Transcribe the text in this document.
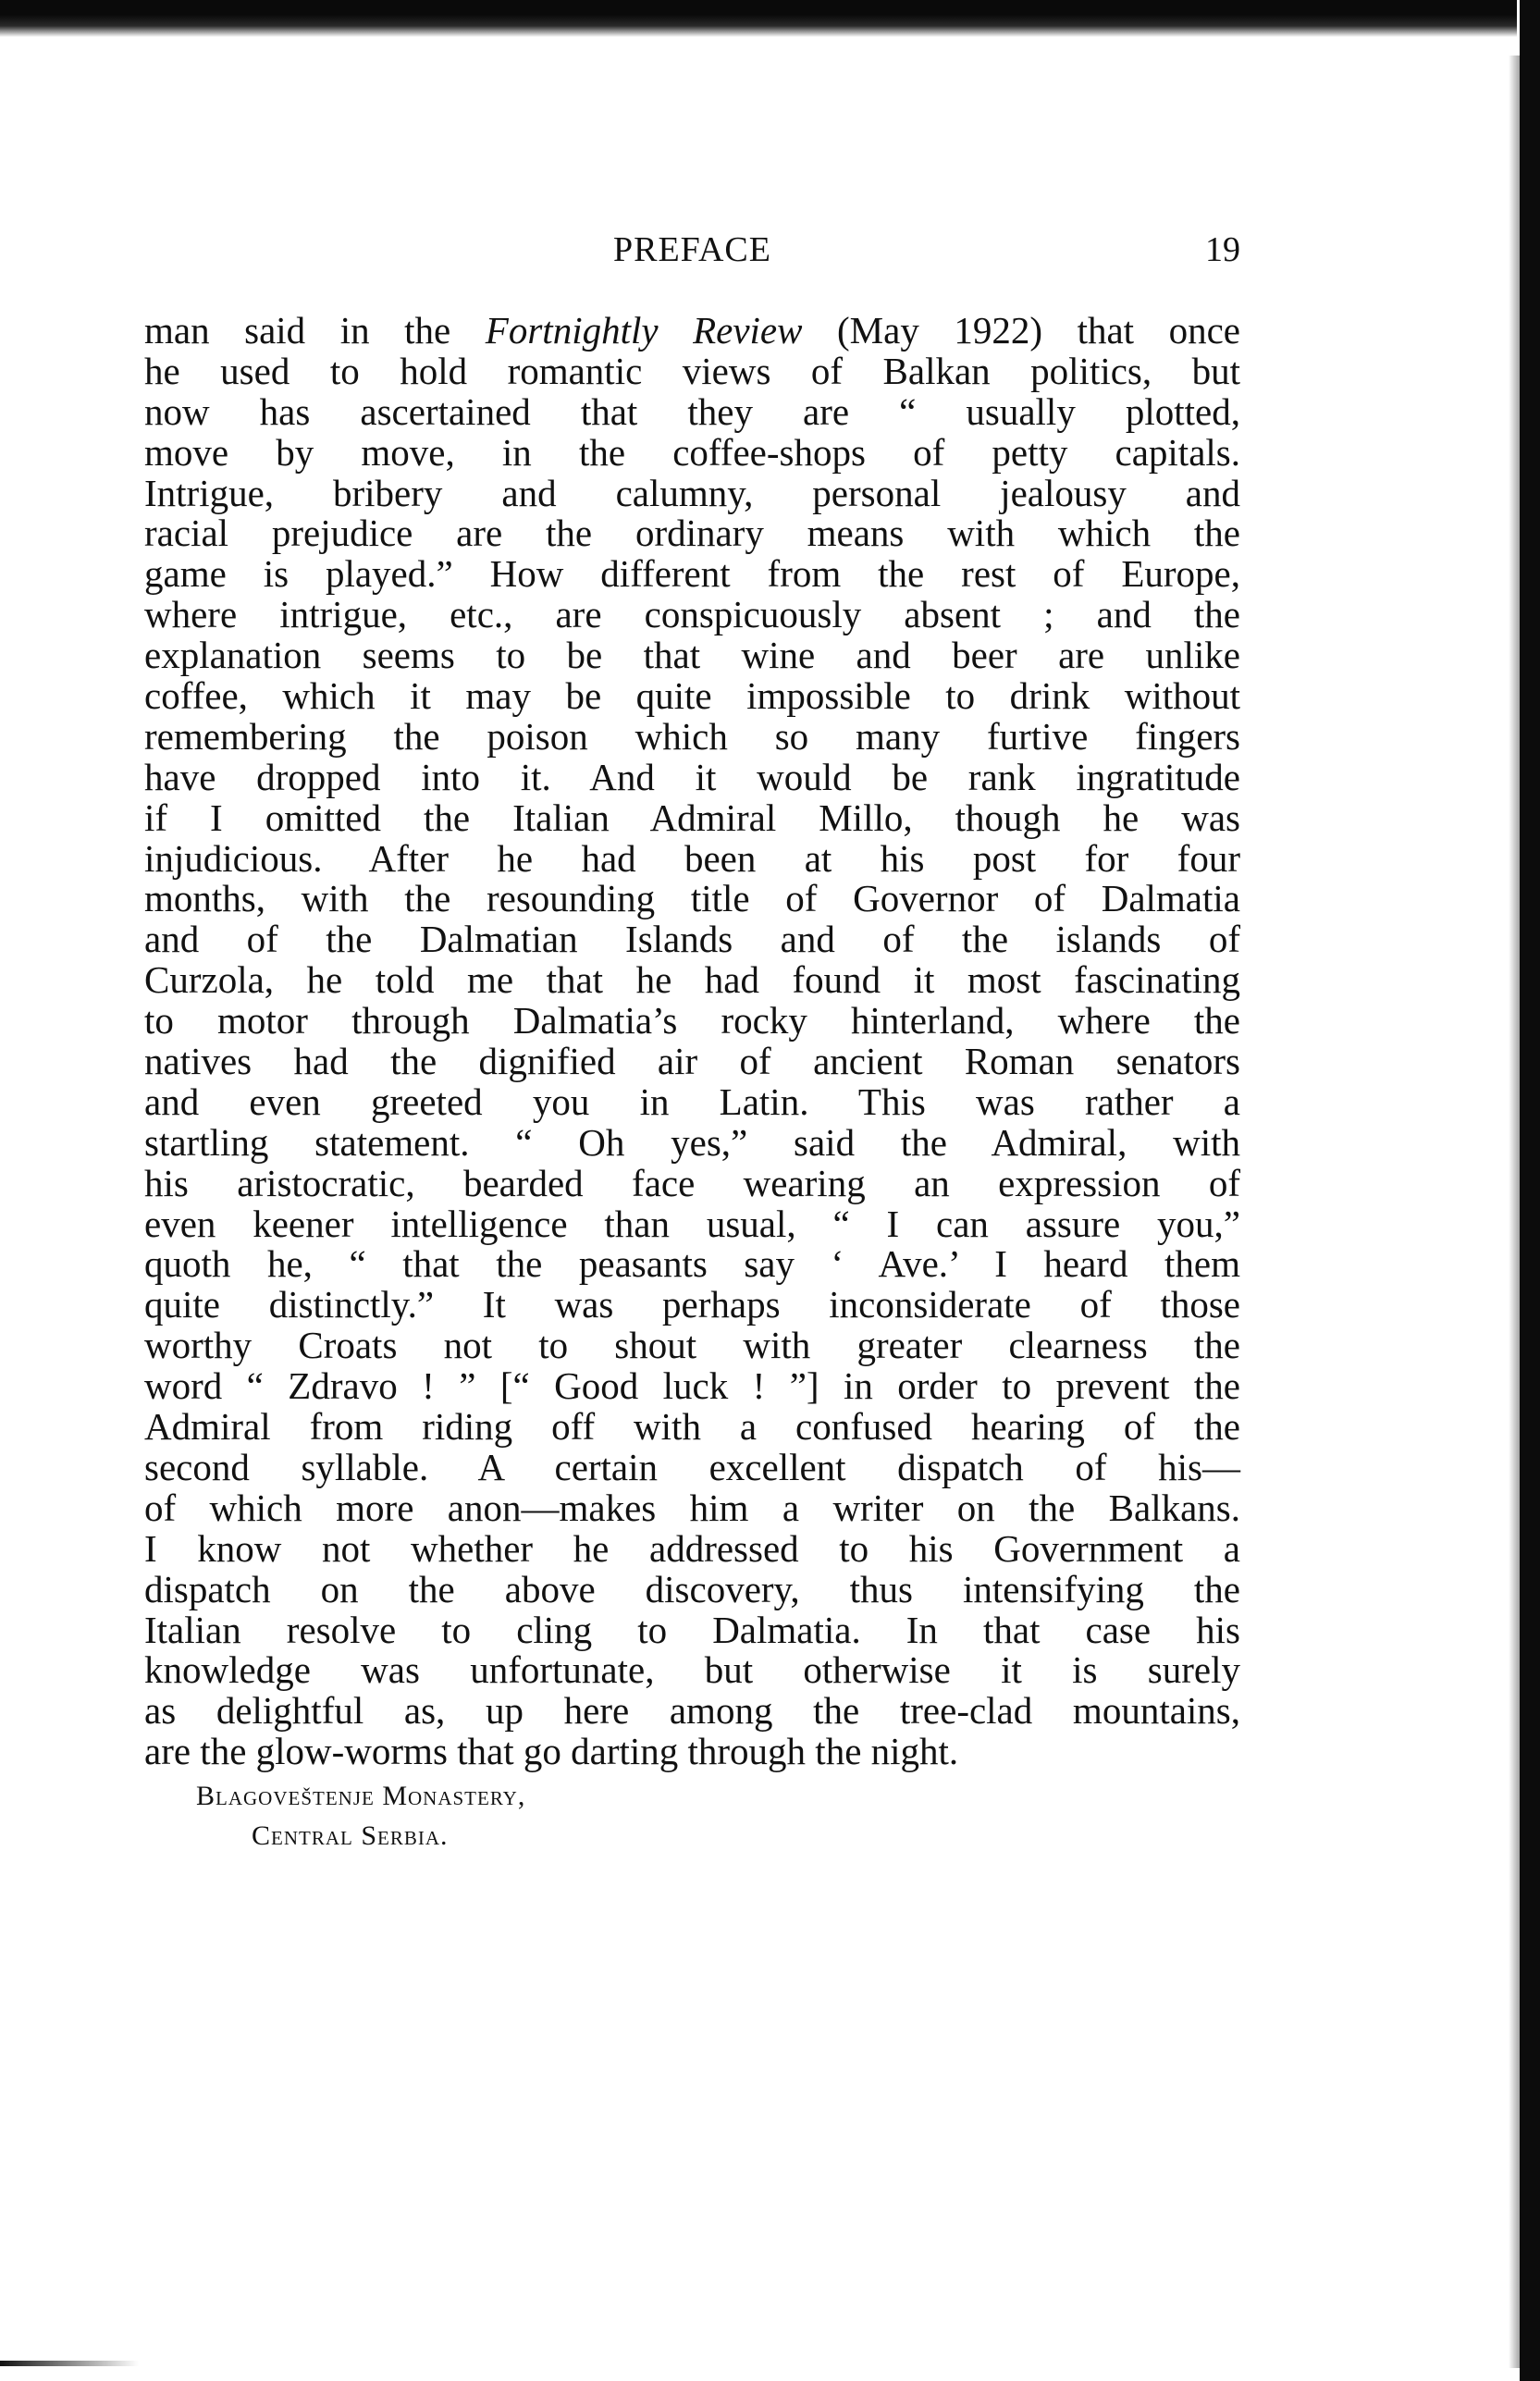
PREFACE	19
man said in the Fortnightly Review (May 1922) that once
he used to hold romantic views of Balkan politics, but
now has ascertained that they are “ usually plotted,
move by move, in the coffee-shops of petty capitals.
Intrigue, bribery and calumny, personal jealousy and
racial prejudice are the ordinary means with which the
game is played.” How different from the rest of Europe,
where intrigue, etc., are conspicuously absent ; and the
explanation seems to be that wine and beer are unlike
coffee, which it may be quite impossible to drink without
remembering the poison which so many furtive fingers
have dropped into it. And it would be rank ingratitude
if I omitted the Italian Admiral Millo, though he was
injudicious. After he had been at his post for four
months, with the resounding title of Governor of Dalmatia
and of the Dalmatian Islands and of the islands of
Curzola, he told me that he had found it most fascinating
to motor through Dalmatia’s rocky hinterland, where the
natives had the dignified air of ancient Roman senators
and even greeted you in Latin. This was rather a
startling statement. “ Oh yes,” said the Admiral, with
his aristocratic, bearded face wearing an expression of
even keener intelligence than usual, “ I can assure you,”
quoth he, “ that the peasants say ‘ Ave.’ I heard them
quite distinctly.” It was perhaps inconsiderate of those
worthy Croats not to shout with greater clearness the
word “ Zdravo ! ” [“ Good luck ! ”] in order to prevent the
Admiral from riding off with a confused hearing of the
second syllable. A certain excellent dispatch of his—
of which more anon—makes him a writer on the Balkans.
I know not whether he addressed to his Government a
dispatch on the above discovery, thus intensifying the
Italian resolve to cling to Dalmatia. In that case his
knowledge was unfortunate, but otherwise it is surely
as delightful as, up here among the tree-clad mountains,
are the glow-worms that go darting through the night.
Blagoveštenje Monastery,
Central Serbia.
